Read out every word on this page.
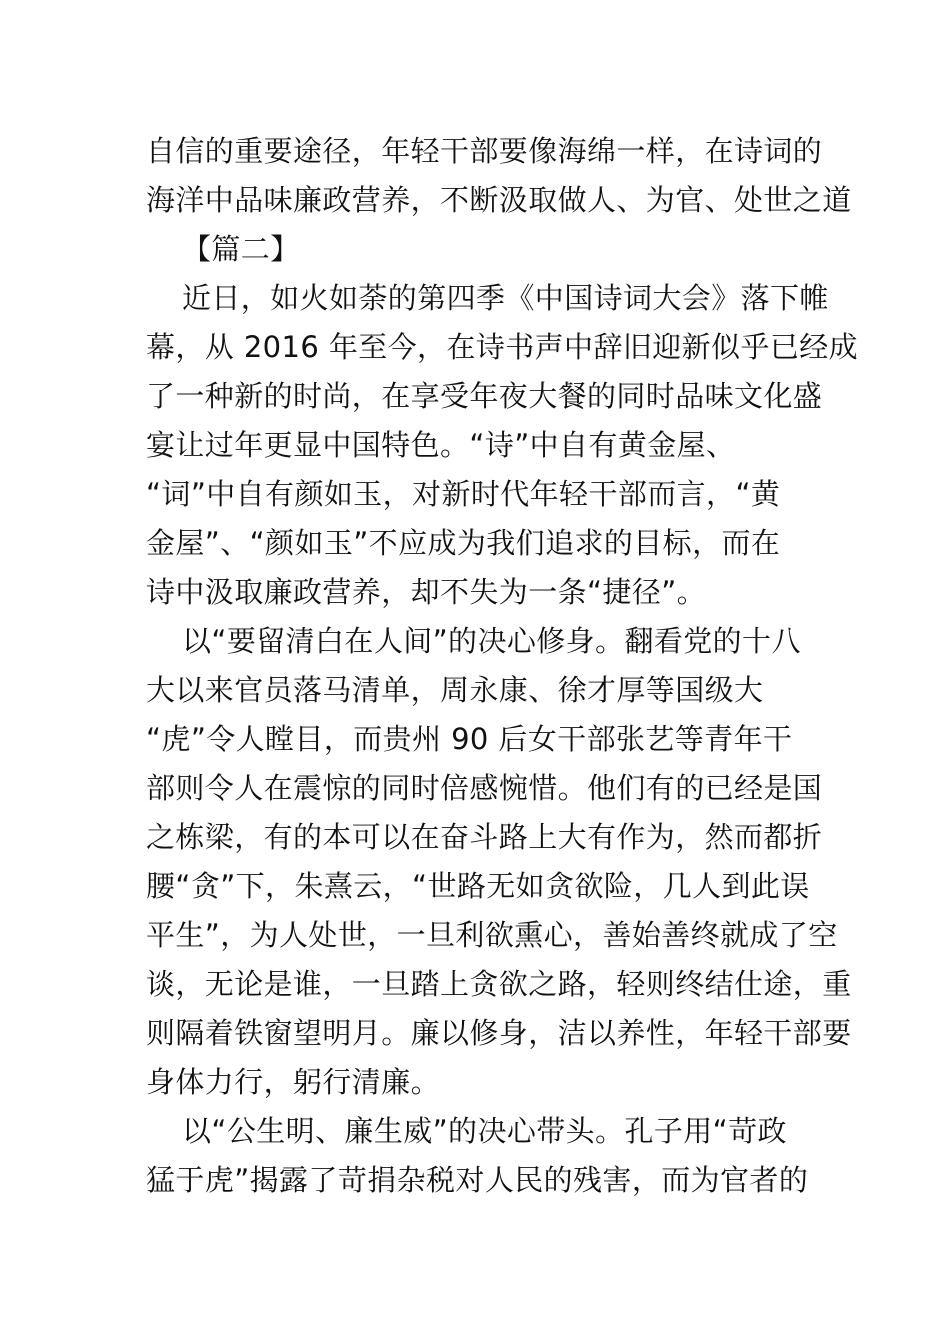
自信的重要途径，年轻干部要像海绵一样，在诗词的
海洋中品味廉政营养，不断汲取做人、为官、处世之道
【篇二】
近日，如火如荼的第四季《中国诗词大会》落下帷
幕，从 2016 年至今，在诗书声中辞旧迎新似乎已经成
了一种新的时尚，在享受年夜大餐的同时品味文化盛
宴让过年更显中国特色。“诗”中自有黄金屋、
“词”中自有颜如玉，对新时代年轻干部而言，“黄
金屋”、“颜如玉”不应成为我们追求的目标，而在
诗中汲取廉政营养，却不失为一条“捷径”。
以“要留清白在人间”的决心修身。翻看党的十八
大以来官员落马清单，周永康、徐才厚等国级大
“虎”令人瞠目，而贵州 90 后女干部张艺等青年干
部则令人在震惊的同时倍感惋惜。他们有的已经是国
之栋梁，有的本可以在奋斗路上大有作为，然而都折
腰“贪”下，朱熹云，“世路无如贪欲险，几人到此误
平生”，为人处世，一旦利欲熏心，善始善终就成了空
谈，无论是谁，一旦踏上贪欲之路，轻则终结仕途，重
则隔着铁窗望明月。廉以修身，洁以养性，年轻干部要
身体力行，躬行清廉。
以“公生明、廉生威”的决心带头。孔子用“苛政
猛于虎”揭露了苛捐杂税对人民的残害，而为官者的
